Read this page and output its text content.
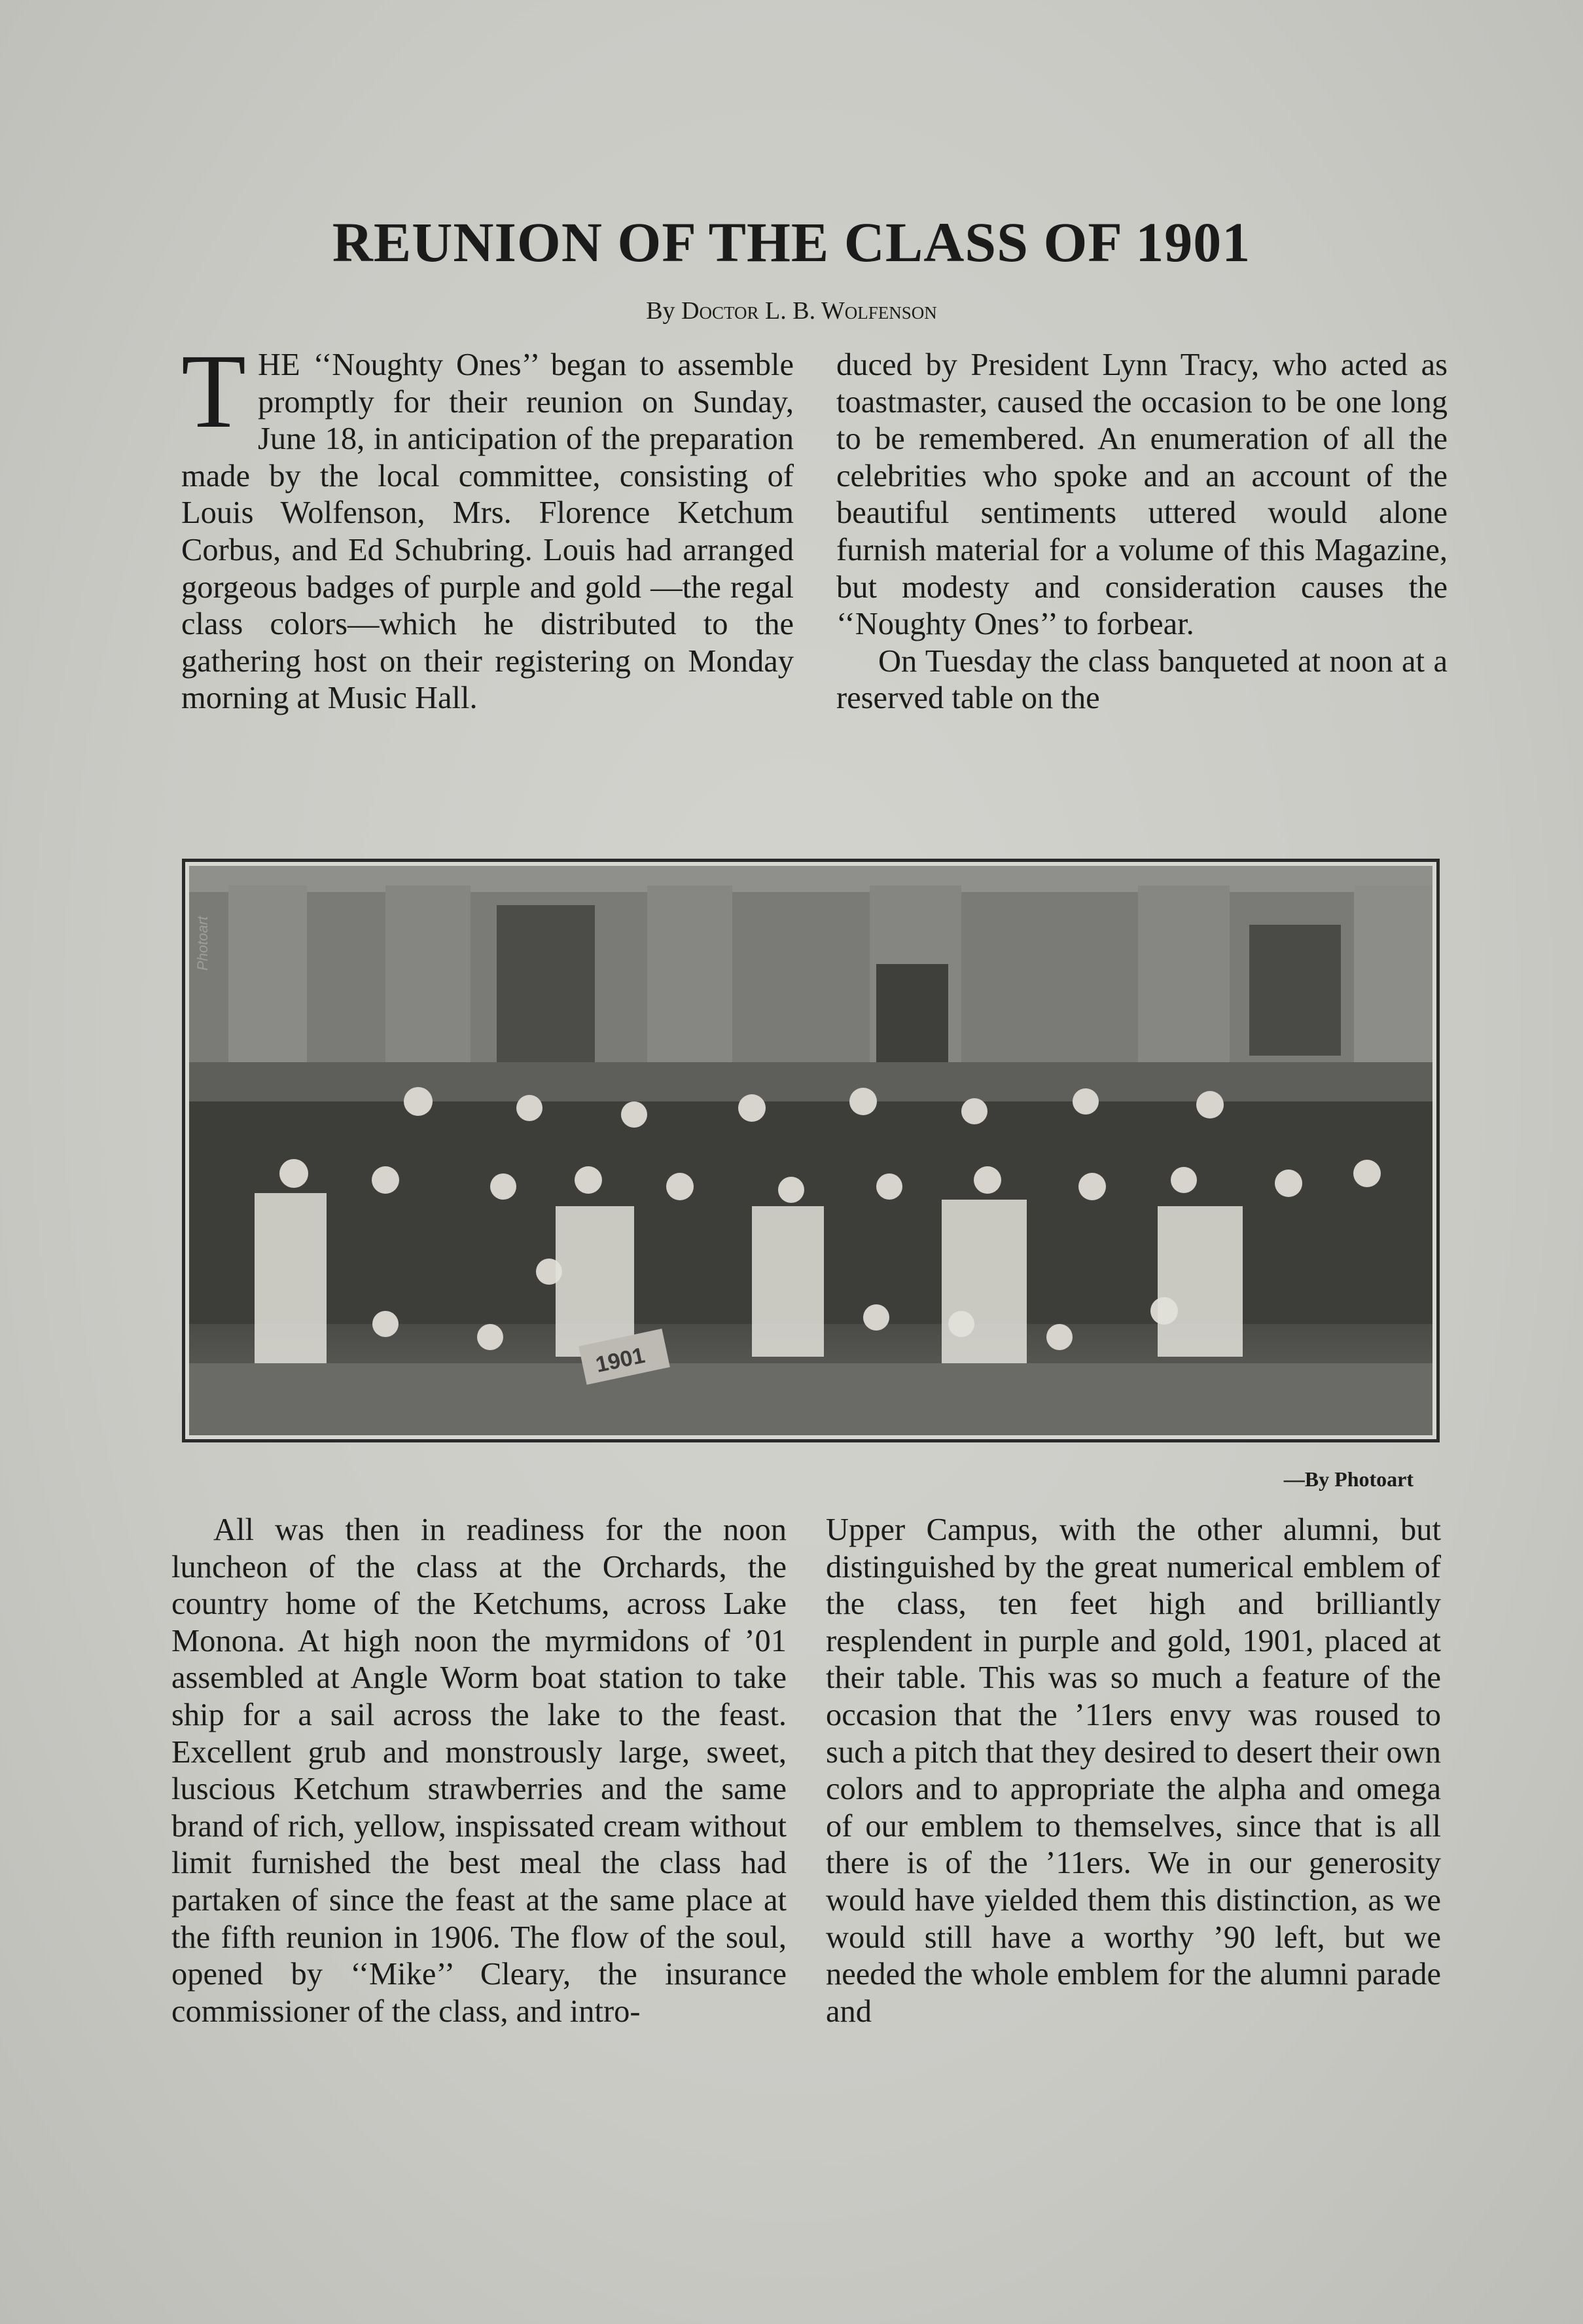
REUNION OF THE CLASS OF 1901
By Doctor L. B. Wolfenson

THE ‘‘Noughty Ones’’ began to assemble promptly for their reunion on Sunday, June 18, in anticipation of the preparation made by the local committee, consisting of Louis Wolfenson, Mrs. Florence Ketchum Corbus, and Ed Schubring. Louis had arranged gorgeous badges of purple and gold —the regal class colors—which he distributed to the gathering host on their registering on Monday morning at Music Hall.

duced by President Lynn Tracy, who acted as toastmaster, caused the occasion to be one long to be remembered. An enumeration of all the celebrities who spoke and an account of the beautiful sentiments uttered would alone furnish material for a volume of this Magazine, but modesty and consideration causes the ‘‘Noughty Ones’’ to forbear.

On Tuesday the class banqueted at noon at a reserved table on the

1901
Photoart
—By Photoart

All was then in readiness for the noon luncheon of the class at the Orchards, the country home of the Ketchums, across Lake Monona. At high noon the myrmidons of ’01 assembled at Angle Worm boat station to take ship for a sail across the lake to the feast. Excellent grub and monstrously large, sweet, luscious Ketchum strawberries and the same brand of rich, yellow, inspissated cream without limit furnished the best meal the class had partaken of since the feast at the same place at the fifth reunion in 1906. The flow of the soul, opened by ‘‘Mike’’ Cleary, the insurance commissioner of the class, and intro-

Upper Campus, with the other alumni, but distinguished by the great numerical emblem of the class, ten feet high and brilliantly resplendent in purple and gold, 1901, placed at their table. This was so much a feature of the occasion that the ’11ers envy was roused to such a pitch that they desired to desert their own colors and to appropriate the alpha and omega of our emblem to themselves, since that is all there is of the ’11ers. We in our generosity would have yielded them this distinction, as we would still have a worthy ’90 left, but we needed the whole emblem for the alumni parade and
